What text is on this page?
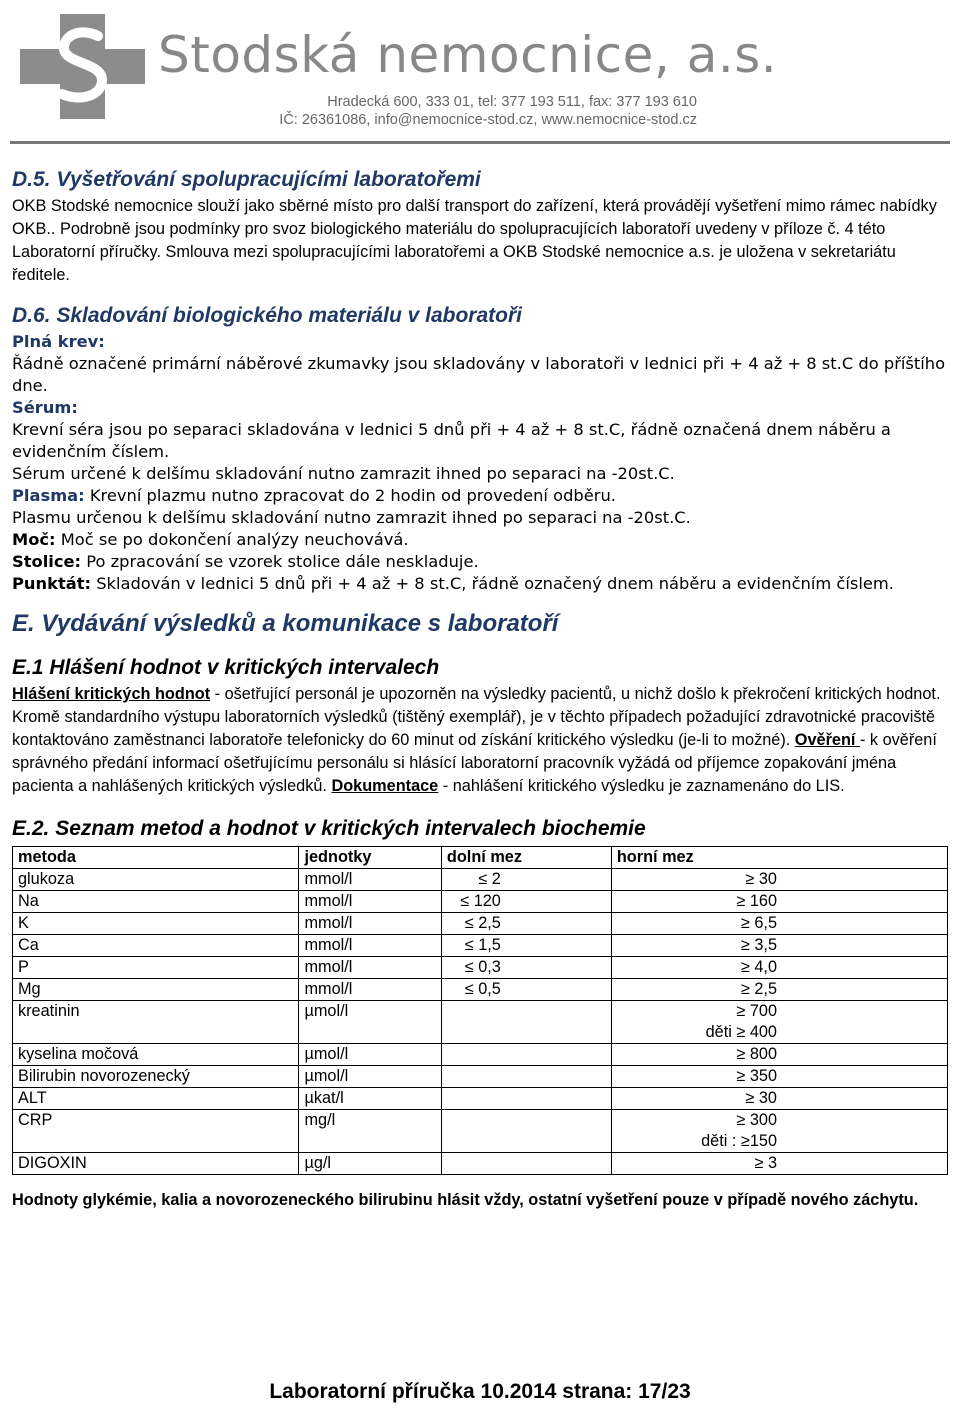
Stodská nemocnice, a.s.
Hradecká 600, 333 01, tel: 377 193 511, fax: 377 193 610
IČ: 26361086, info@nemocnice-stod.cz, www.nemocnice-stod.cz
D.5. Vyšetřování spolupracujícími laboratořemi

OKB Stodské nemocnice slouží jako sběrné místo pro další transport do zařízení, která provádějí vyšetření mimo rámec nabídky OKB.. Podrobně jsou podmínky pro svoz biologického materiálu do spolupracujících laboratoří uvedeny v příloze č. 4 této Laboratorní příručky. Smlouva mezi spolupracujícími laboratořemi a OKB Stodské nemocnice a.s. je uložena v sekretariátu ředitele.

D.6. Skladování biologického materiálu v laboratoři
Plná krev:
Řádně označené primární náběrové zkumavky jsou skladovány v laboratoři v lednici při + 4 až + 8 st.C do příštího dne.
Sérum:
Krevní séra jsou po separaci skladována v lednici 5 dnů při + 4 až + 8 st.C, řádně označená dnem náběru a evidenčním číslem.
Sérum určené k delšímu skladování nutno zamrazit ihned po separaci na -20st.C.
Plasma: Krevní plazmu nutno zpracovat do 2 hodin od provedení odběru.
Plasmu určenou k delšímu skladování nutno zamrazit ihned po separaci na -20st.C.
Moč: Moč se po dokončení analýzy neuchovává.
Stolice: Po zpracování se vzorek stolice dále neskladuje.
Punktát: Skladován v lednici 5 dnů při + 4 až + 8 st.C, řádně označený dnem náběru a evidenčním číslem.
E. Vydávání výsledků a komunikace s laboratoří
E.1 Hlášení hodnot v kritických intervalech

Hlášení kritických hodnot - ošetřující personál je upozorněn na výsledky pacientů, u nichž došlo k překročení kritických hodnot. Kromě standardního výstupu laboratorních výsledků (tištěný exemplář), je v těchto případech požadující zdravotnické pracoviště kontaktováno zaměstnanci laboratoře telefonicky do 60 minut od získání kritického výsledku (je-li to možné). Ověření - k ověření správného předání informací ošetřujícímu personálu si hlásící laboratorní pracovník vyžádá od příjemce zopakování jména pacienta a nahlášených kritických výsledků. Dokumentace - nahlášení kritického výsledku je zaznamenáno do LIS.

E.2. Seznam metod a hodnot v kritických intervalech biochemie
metoda	jednotky	dolní mez	horní mez
glukoza	mmol/l	≤ 2	≥ 30

Na	mmol/l	≤ 120	≥ 160

K	mmol/l	≤ 2,5	≥ 6,5

Ca	mmol/l	≤ 1,5	≥ 3,5

P	mmol/l	≤ 0,3	≥ 4,0

Mg	mmol/l	≤ 0,5	≥ 2,5

kreatinin	µmol/l		≥ 700
děti ≥ 400

kyselina močová	µmol/l		≥ 800

Bilirubin novorozenecký	µmol/l		≥ 350

ALT	µkat/l		≥ 30

CRP	mg/l		≥ 300
děti : ≥150

DIGOXIN	µg/l		≥ 3
Hodnoty glykémie, kalia a novorozeneckého bilirubinu hlásit vždy, ostatní vyšetření pouze v případě nového záchytu.
Laboratorní příručka 10.2014 strana: 17/23
